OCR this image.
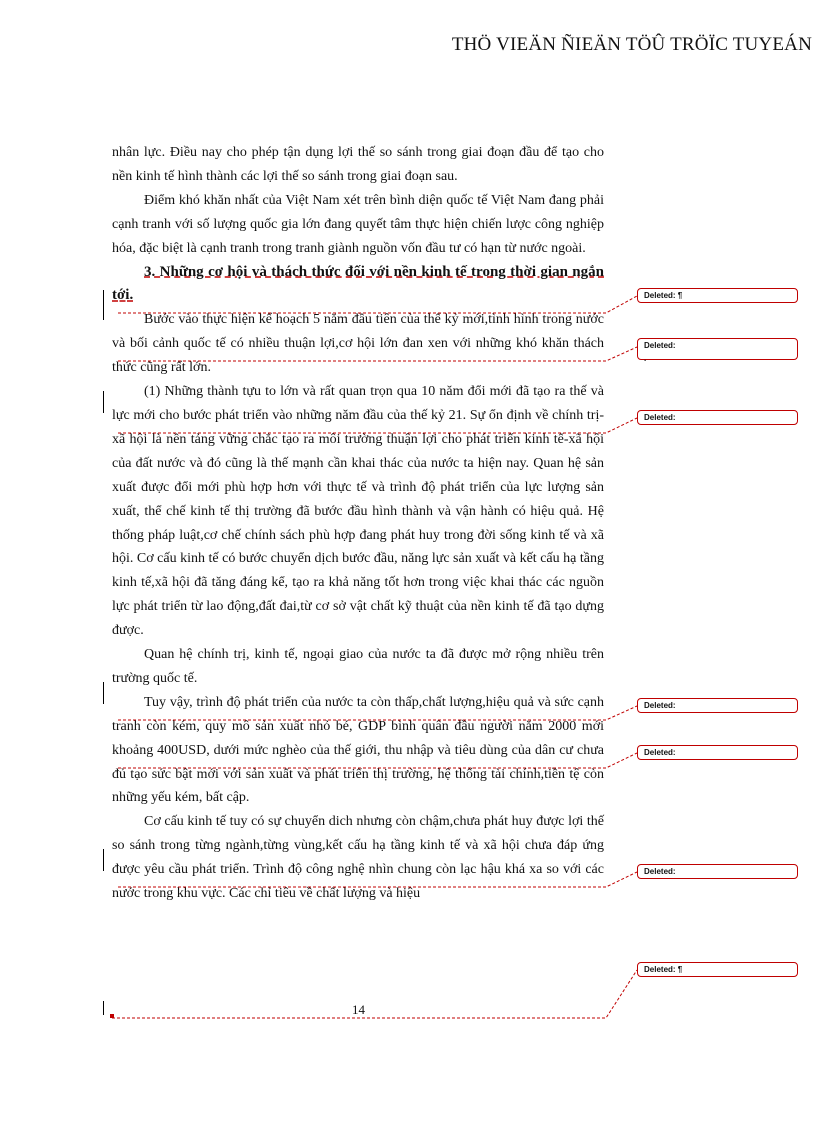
THÖ VIEÄN ÑIEÄN TÖÛ TRÖÏC TUYEÁN

nhân lực. Điều nay cho phép tận dụng lợi thế so sánh trong giai đoạn đầu để tạo cho nền kinh tế hình thành các lợi thế so sánh trong giai đoạn sau.

Điểm khó khăn nhất của Việt Nam xét trên bình diện quốc tế Việt Nam đang phải cạnh tranh với số lượng quốc gia lớn đang quyết tâm thực hiện chiến lược công nghiệp hóa, đặc biệt là cạnh tranh trong tranh giành nguồn vốn đầu tư có hạn từ nước ngoài.

3. Những cơ hội và thách thức đối với nền kinh tế trong thời gian ngắn tới.

Bước vào thực hiện kế hoạch 5 năm đầu tiên của thế kỷ mới,tình hình trong nước và bối cảnh quốc tế có nhiều thuận lợi,cơ hội lớn đan xen với những khó khăn thách thức cũng rất lớn.

(1) Những thành tựu to lớn và rất quan trọn qua 10 năm đổi mới đã tạo ra thế và lực mới cho bước phát triển vào những năm đầu của thế kỷ 21. Sự ổn định về chính trị-xã hội là nền tảng vững chắc tạo ra môi trường thuận lợi cho phát triển kinh tế-xã hội của đất nước và đó cũng là thế mạnh cần khai thác của nước ta hiện nay. Quan hệ sản xuất được đổi mới phù hợp hơn với thực tế và trình độ phát triển của lực lượng sản xuất, thể chế kinh tế thị trường đã bước đầu hình thành và vận hành có hiệu quả. Hệ thống pháp luật,cơ chế chính sách phù hợp đang phát huy trong đời sống kinh tế và xã hội. Cơ cấu kinh tế có bước chuyển dịch bước đầu, năng lực sản xuất và kết cấu hạ tầng kinh tế,xã hội đã tăng đáng kể, tạo ra khả năng tốt hơn trong việc khai thác các nguồn lực phát triển từ lao động,đất đai,từ cơ sở vật chất kỹ thuật của nền kinh tế đã tạo dựng được.

Quan hệ chính trị, kinh tế, ngoại giao của nước ta đã được mở rộng nhiều trên trường quốc tế.

Tuy vậy, trình độ phát triển của nước ta còn thấp,chất lượng,hiệu quả và sức cạnh tranh còn kém, quy mô sản xuất nhỏ bé, GDP bình quân đầu người năm 2000 mới khoảng 400USD, dưới mức nghèo của thế giới, thu nhập và tiêu dùng của dân cư chưa đủ tạo sức bật mới với sản xuất và phát triển thị trường, hệ thống tài chính,tiền tệ còn những yếu kém, bất cập.

Cơ cấu kinh tế tuy có sự chuyển dich nhưng còn chậm,chưa phát huy được lợi thế so sánh trong từng ngành,từng vùng,kết cấu hạ tầng kinh tế và xã hội chưa đáp ứng được yêu cầu phát triển. Trình độ công nghệ nhìn chung còn lạc hậu khá xa so với các nước trong khu vực. Các chỉ tiêu về chất lượng và hiệu

Deleted: ¶
Deleted:
.
Deleted:
Deleted:
Deleted:
Deleted:
Deleted: ¶
14
